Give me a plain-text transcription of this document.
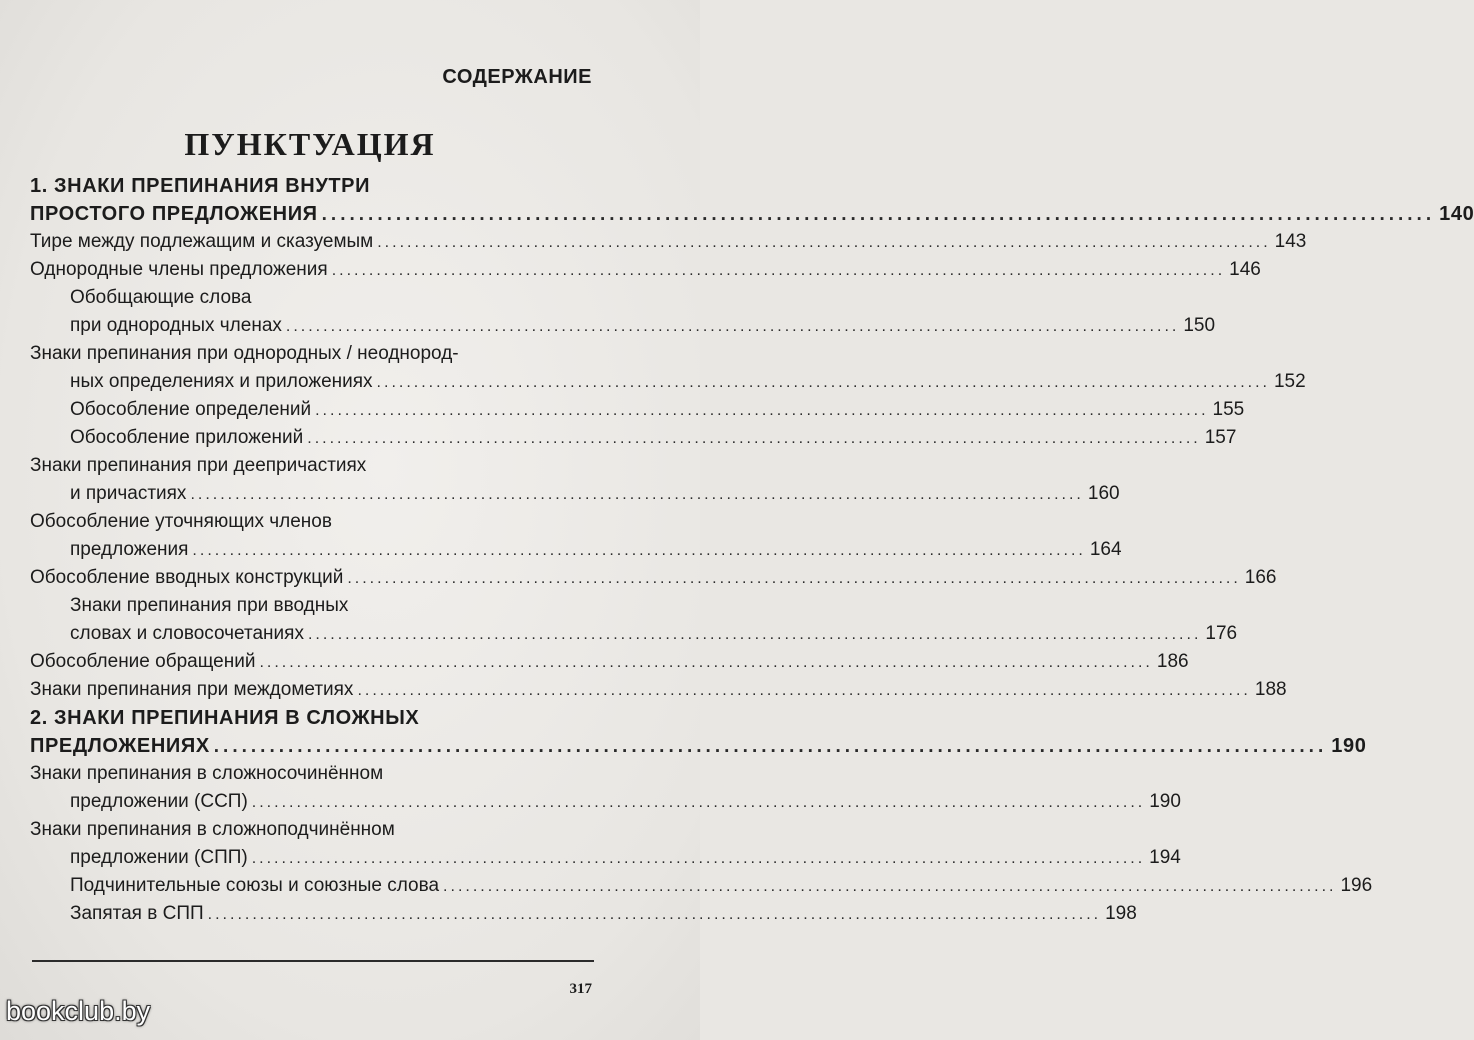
СОДЕРЖАНИЕ
ПУНКТУАЦИЯ
1. ЗНАКИ ПРЕПИНАНИЯ ВНУТРИ
ПРОСТОГО ПРЕДЛОЖЕНИЯ ........................................................................................................................ 140
Тире между подлежащим и сказуемым ........................................................................................................................ 143
Однородные члены предложения ........................................................................................................................ 146
Обобщающие слова
при однородных членах ........................................................................................................................ 150
Знаки препинания при однородных / неоднород-
ных определениях и приложениях ........................................................................................................................ 152
Обособление определений ........................................................................................................................ 155
Обособление приложений ........................................................................................................................ 157
Знаки препинания при деепричастиях
и причастиях ........................................................................................................................ 160
Обособление уточняющих членов
предложения ........................................................................................................................ 164
Обособление вводных конструкций ........................................................................................................................ 166
Знаки препинания при вводных
словах и словосочетаниях ........................................................................................................................ 176
Обособление обращений ........................................................................................................................ 186
Знаки препинания при междометиях ........................................................................................................................ 188
2. ЗНАКИ ПРЕПИНАНИЯ В СЛОЖНЫХ
ПРЕДЛОЖЕНИЯХ ........................................................................................................................ 190
Знаки препинания в сложносочинённом
предложении (ССП) ........................................................................................................................ 190
Знаки препинания в сложноподчинённом
предложении (СПП) ........................................................................................................................ 194
Подчинительные союзы и союзные слова ........................................................................................................................ 196
Запятая в СПП ........................................................................................................................ 198
317
bookclub.by
